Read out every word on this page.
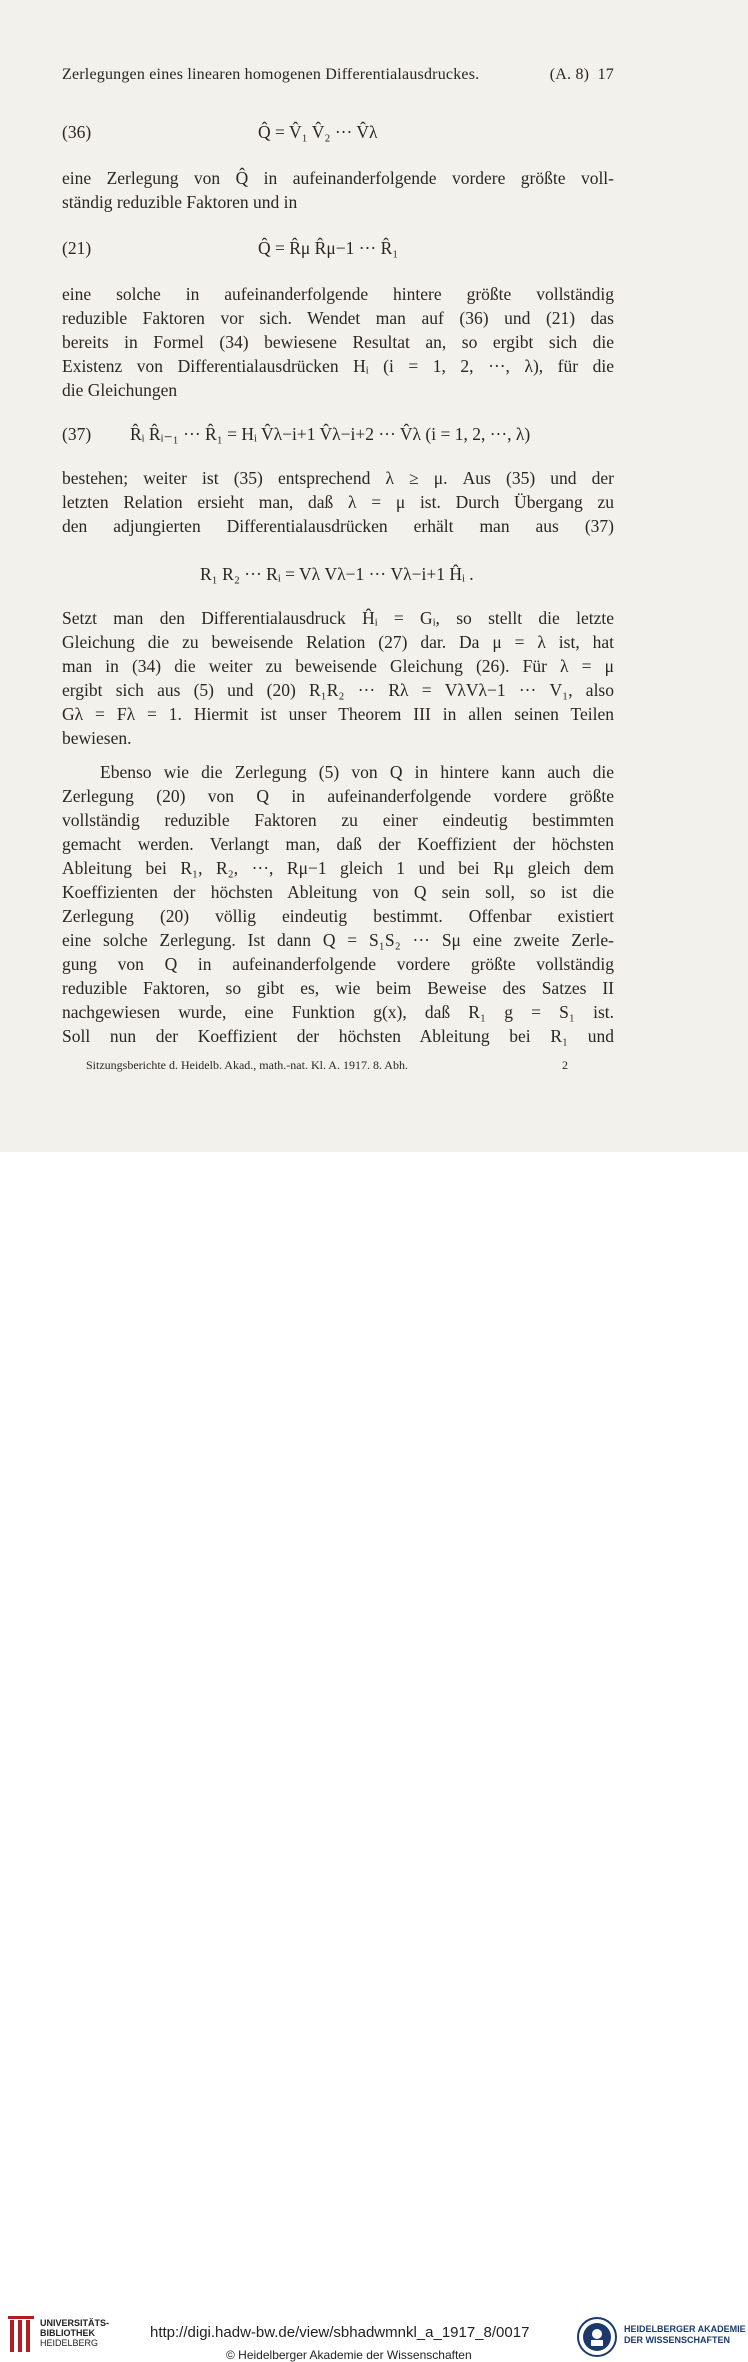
Zerlegungen eines linearen homogenen Differentialausdruckes.	(A. 8) 17
(36)	Q̂ = V̂₁ V̂₂ ··· V̂λ
eine Zerlegung von Q̂ in aufeinanderfolgende vordere größte voll-
ständig reduzible Faktoren und in
(21)	Q̂ = R̂μ R̂μ−1 ··· R̂₁
eine solche in aufeinanderfolgende hintere größte vollständig
reduzible Faktoren vor sich. Wendet man auf (36) und (21) das
bereits in Formel (34) bewiesene Resultat an, so ergibt sich die
Existenz von Differentialausdrücken Hᵢ (i = 1, 2, ···, λ), für die
die Gleichungen
(37) R̂ᵢ R̂ᵢ₋₁ ··· R̂₁ = Hᵢ V̂λ−i+1 V̂λ−i+2 ··· V̂λ (i = 1, 2, ···, λ)
bestehen; weiter ist (35) entsprechend λ ≥ μ. Aus (35) und der
letzten Relation ersieht man, daß λ = μ ist. Durch Übergang zu
den adjungierten Differentialausdrücken erhält man aus (37)
R₁ R₂ ··· Rᵢ = Vλ Vλ−1 ··· Vλ−i+1 Ĥᵢ .
Setzt man den Differentialausdruck Ĥᵢ = Gᵢ, so stellt die letzte
Gleichung die zu beweisende Relation (27) dar. Da μ = λ ist, hat
man in (34) die weiter zu beweisende Gleichung (26). Für λ = μ
ergibt sich aus (5) und (20) R₁R₂ ··· Rλ = VλVλ−1 ··· V₁, also
Gλ = Fλ = 1. Hiermit ist unser Theorem III in allen seinen Teilen
bewiesen.
Ebenso wie die Zerlegung (5) von Q in hintere kann auch die
Zerlegung (20) von Q in aufeinanderfolgende vordere größte
vollständig reduzible Faktoren zu einer eindeutig bestimmten
gemacht werden. Verlangt man, daß der Koeffizient der höchsten
Ableitung bei R₁, R₂, ···, Rμ−1 gleich 1 und bei Rμ gleich dem
Koeffizienten der höchsten Ableitung von Q sein soll, so ist die
Zerlegung (20) völlig eindeutig bestimmt. Offenbar existiert
eine solche Zerlegung. Ist dann Q = S₁S₂ ··· Sμ eine zweite Zerle-
gung von Q in aufeinanderfolgende vordere größte vollständig
reduzible Faktoren, so gibt es, wie beim Beweise des Satzes II
nachgewiesen wurde, eine Funktion g(x), daß R₁ g = S₁ ist.
Soll nun der Koeffizient der höchsten Ableitung bei R₁ und
Sitzungsberichte d. Heidelb. Akad., math.-nat. Kl. A. 1917. 8. Abh.	2
UNIVERSITÄTS-
BIBLIOTHEK
HEIDELBERG
http://digi.hadw-bw.de/view/sbhadwmnkl_a_1917_8/0017
© Heidelberger Akademie der Wissenschaften
HEIDELBERGER AKADEMIE
DER WISSENSCHAFTEN
